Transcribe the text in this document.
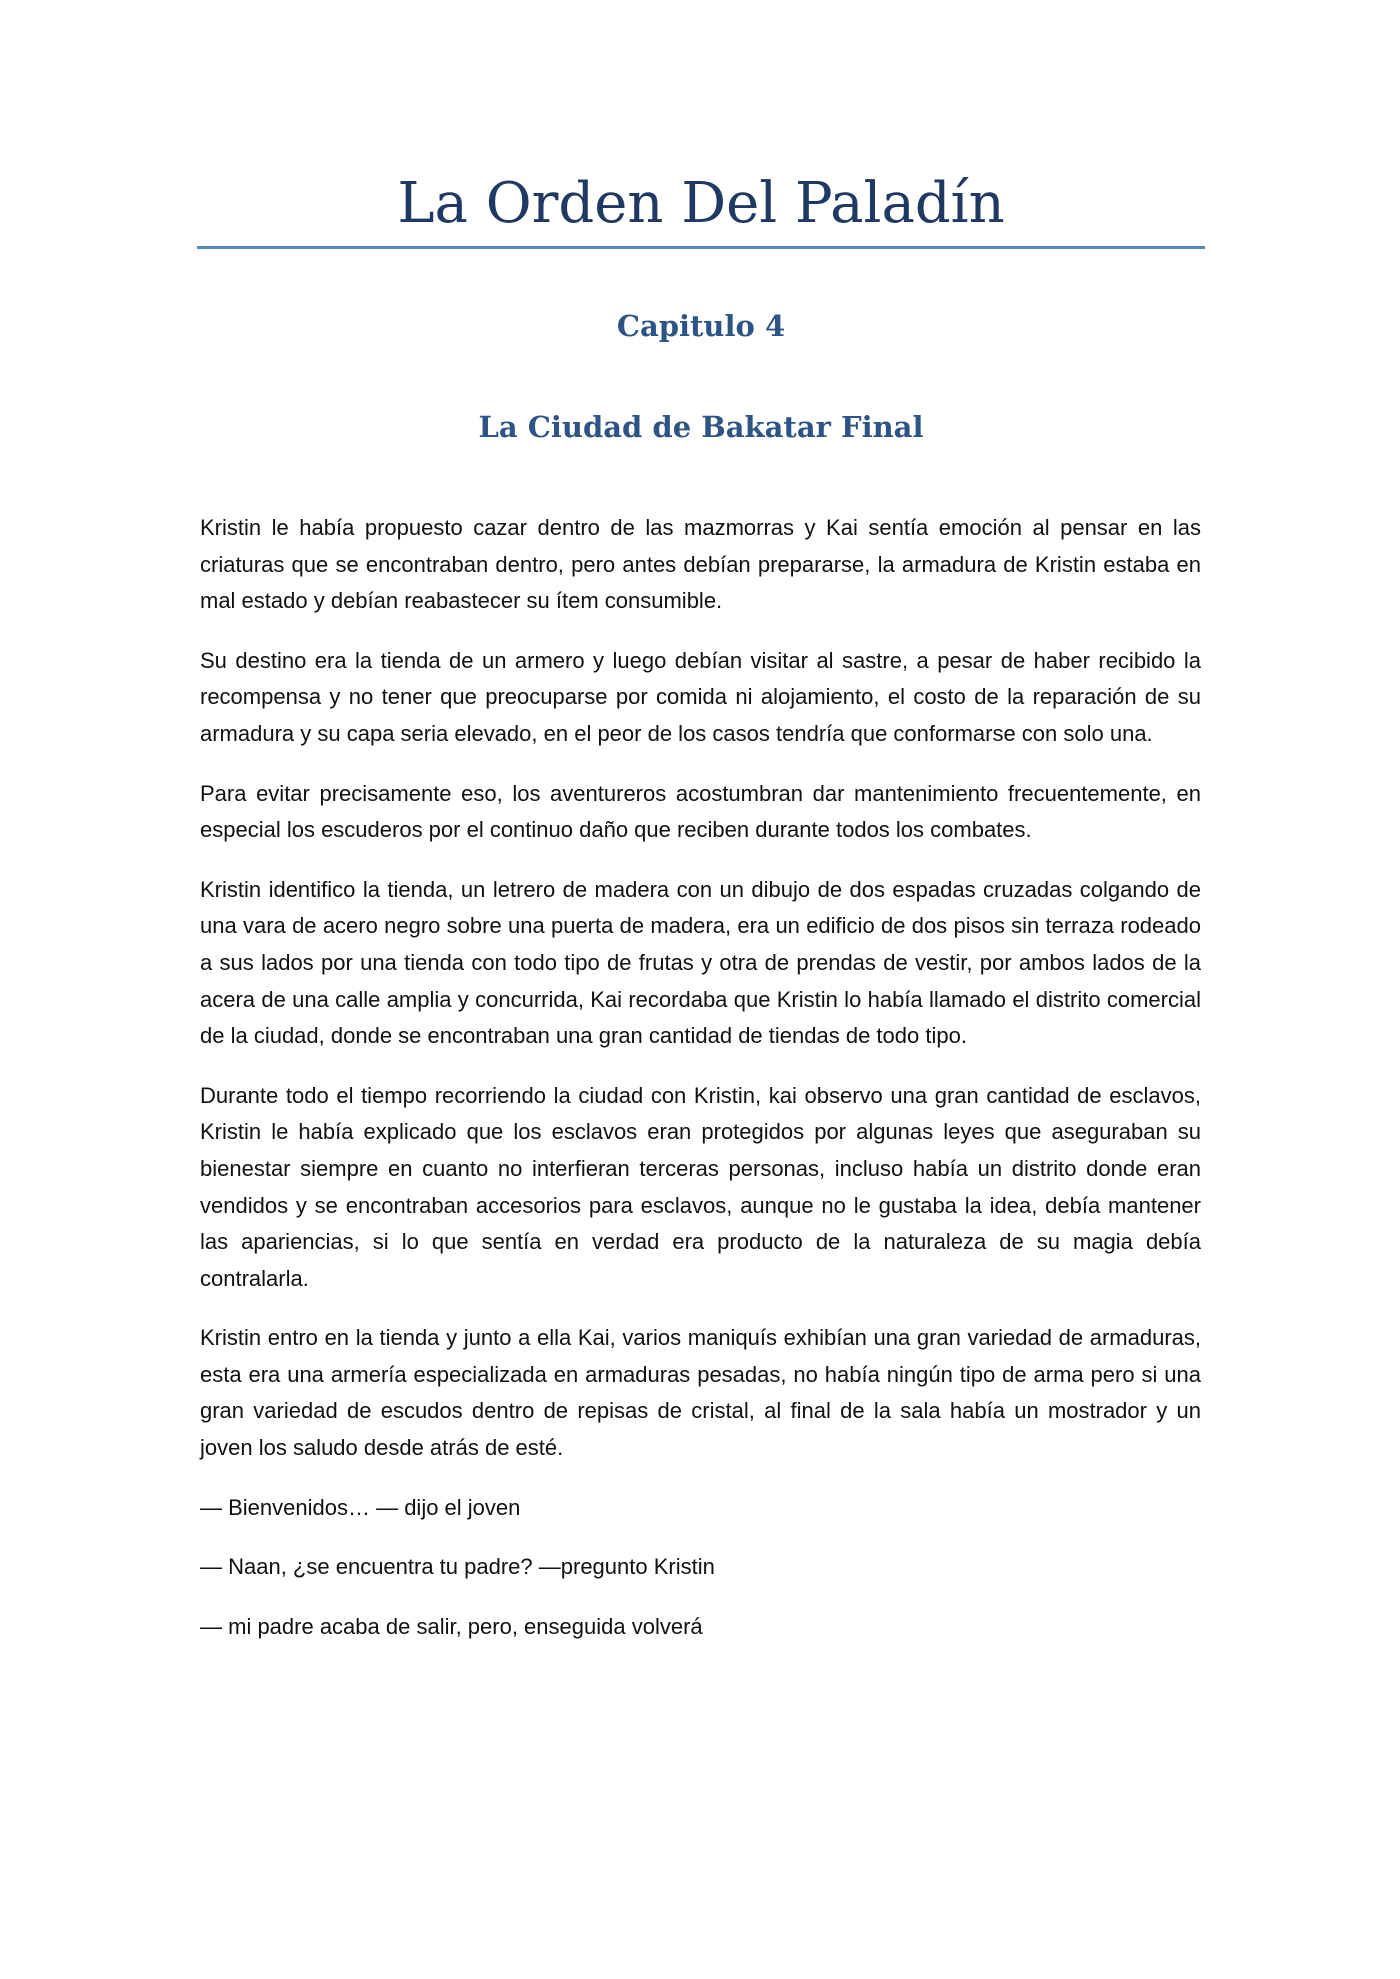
La Orden Del Paladín
Capitulo 4
La Ciudad de Bakatar Final

Kristin le había propuesto cazar dentro de las mazmorras y Kai sentía emoción al pensar en las criaturas que se encontraban dentro, pero antes debían prepararse, la armadura de Kristin estaba en mal estado y debían reabastecer su ítem consumible.

Su destino era la tienda de un armero y luego debían visitar al sastre, a pesar de haber recibido la recompensa y no tener que preocuparse por comida ni alojamiento, el costo de la reparación de su armadura y su capa seria elevado, en el peor de los casos tendría que conformarse con solo una.

Para evitar precisamente eso, los aventureros acostumbran dar mantenimiento frecuentemente, en especial los escuderos por el continuo daño que reciben durante todos los combates.

Kristin identifico la tienda, un letrero de madera con un dibujo de dos espadas cruzadas colgando de una vara de acero negro sobre una puerta de madera, era un edificio de dos pisos sin terraza rodeado a sus lados por una tienda con todo tipo de frutas y otra de prendas de vestir, por ambos lados de la acera de una calle amplia y concurrida, Kai recordaba que Kristin lo había llamado el distrito comercial de la ciudad, donde se encontraban una gran cantidad de tiendas de todo tipo.

Durante todo el tiempo recorriendo la ciudad con Kristin, kai observo una gran cantidad de esclavos, Kristin le había explicado que los esclavos eran protegidos por algunas leyes que aseguraban su bienestar siempre en cuanto no interfieran terceras personas, incluso había un distrito donde eran vendidos y se encontraban accesorios para esclavos, aunque no le gustaba la idea, debía mantener las apariencias, si lo que sentía en verdad era producto de la naturaleza de su magia debía contralarla.

Kristin entro en la tienda y junto a ella Kai, varios maniquís exhibían una gran variedad de armaduras, esta era una armería especializada en armaduras pesadas, no había ningún tipo de arma pero si una gran variedad de escudos dentro de repisas de cristal, al final de la sala había un mostrador y un joven los saludo desde atrás de esté.

— Bienvenidos… — dijo el joven

— Naan, ¿se encuentra tu padre? —pregunto Kristin

— mi padre acaba de salir, pero, enseguida volverá
